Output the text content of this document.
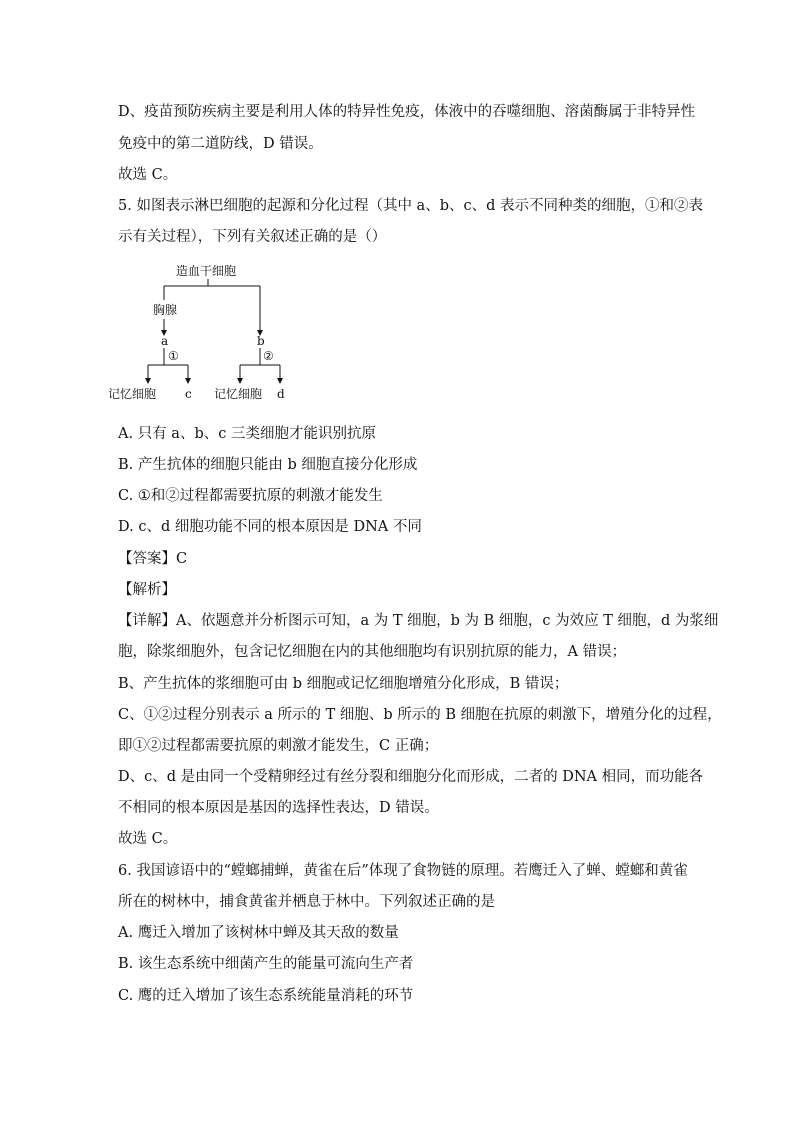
D、疫苗预防疾病主要是利用人体的特异性免疫，体液中的吞噬细胞、溶菌酶属于非特异性
免疫中的第二道防线，D 错误。
故选 C。
5. 如图表示淋巴细胞的起源和分化过程（其中 a、b、c、d 表示不同种类的细胞，①和②表
示有关过程），下列有关叙述正确的是（）
造血干细胞
胸腺
a	b
①	②
记忆细胞 c 记忆细胞 d
A. 只有 a、b、c 三类细胞才能识别抗原
B. 产生抗体的细胞只能由 b 细胞直接分化形成
C. ①和②过程都需要抗原的刺激才能发生
D. c、d 细胞功能不同的根本原因是 DNA 不同
【答案】C
【解析】
【详解】A、依题意并分析图示可知，a 为 T 细胞，b 为 B 细胞，c 为效应 T 细胞，d 为浆细
胞，除浆细胞外，包含记忆细胞在内的其他细胞均有识别抗原的能力，A 错误；
B、产生抗体的浆细胞可由 b 细胞或记忆细胞增殖分化形成，B 错误；
C、①②过程分别表示 a 所示的 T 细胞、b 所示的 B 细胞在抗原的刺激下，增殖分化的过程，
即①②过程都需要抗原的刺激才能发生，C 正确；
D、c、d 是由同一个受精卵经过有丝分裂和细胞分化而形成，二者的 DNA 相同，而功能各
不相同的根本原因是基因的选择性表达，D 错误。
故选 C。
6. 我国谚语中的“螳螂捕蝉，黄雀在后”体现了食物链的原理。若鹰迁入了蝉、螳螂和黄雀
所在的树林中，捕食黄雀并栖息于林中。下列叙述正确的是
A. 鹰迁入增加了该树林中蝉及其天敌的数量
B. 该生态系统中细菌产生的能量可流向生产者
C. 鹰的迁入增加了该生态系统能量消耗的环节
